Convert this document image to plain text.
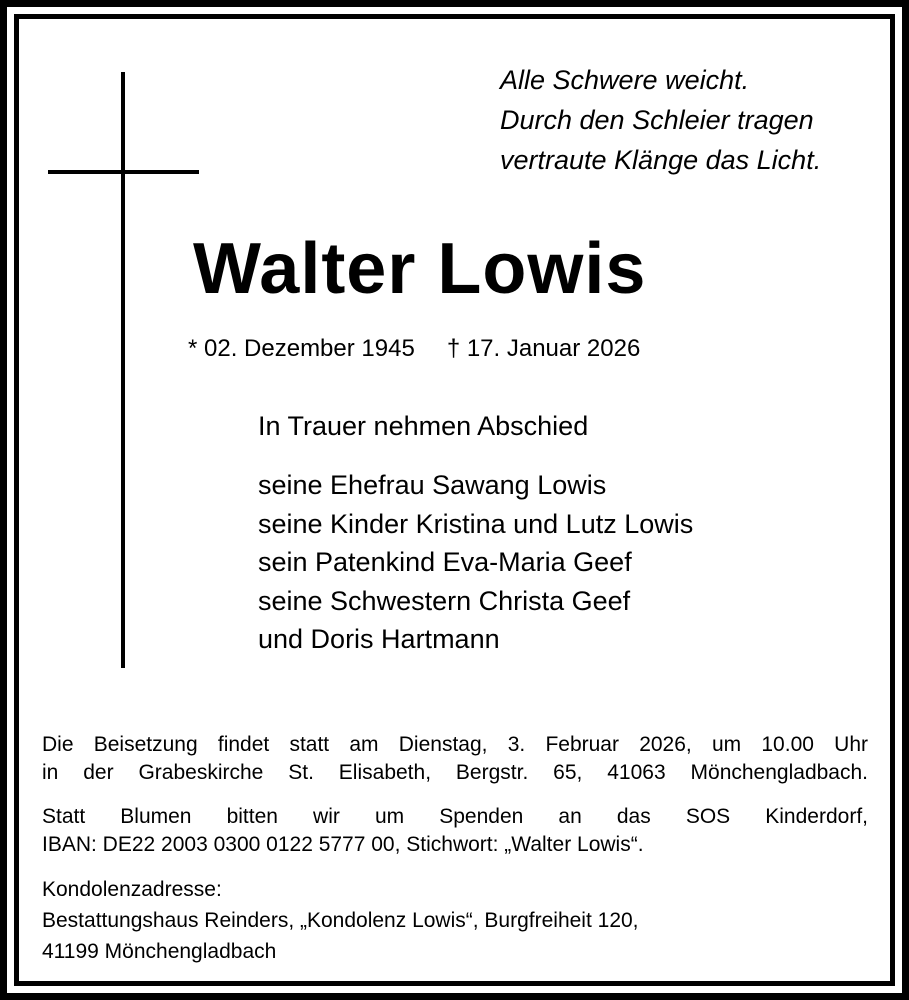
Alle Schwere weicht.
Durch den Schleier tragen
vertraute Klänge das Licht.
Walter Lowis
* 02. Dezember 1945 † 17. Januar 2026
In Trauer nehmen Abschied
seine Ehefrau Sawang Lowis
seine Kinder Kristina und Lutz Lowis
sein Patenkind Eva-Maria Geef
seine Schwestern Christa Geef
und Doris Hartmann
Die Beisetzung findet statt am Dienstag, 3. Februar 2026, um 10.00 Uhr
in der Grabeskirche St. Elisabeth, Bergstr. 65, 41063 Mönchengladbach.
Statt Blumen bitten wir um Spenden an das SOS Kinderdorf,
IBAN: DE22 2003 0300 0122 5777 00, Stichwort: „Walter Lowis“.
Kondolenzadresse:
Bestattungshaus Reinders, „Kondolenz Lowis“, Burgfreiheit 120,
41199 Mönchengladbach
